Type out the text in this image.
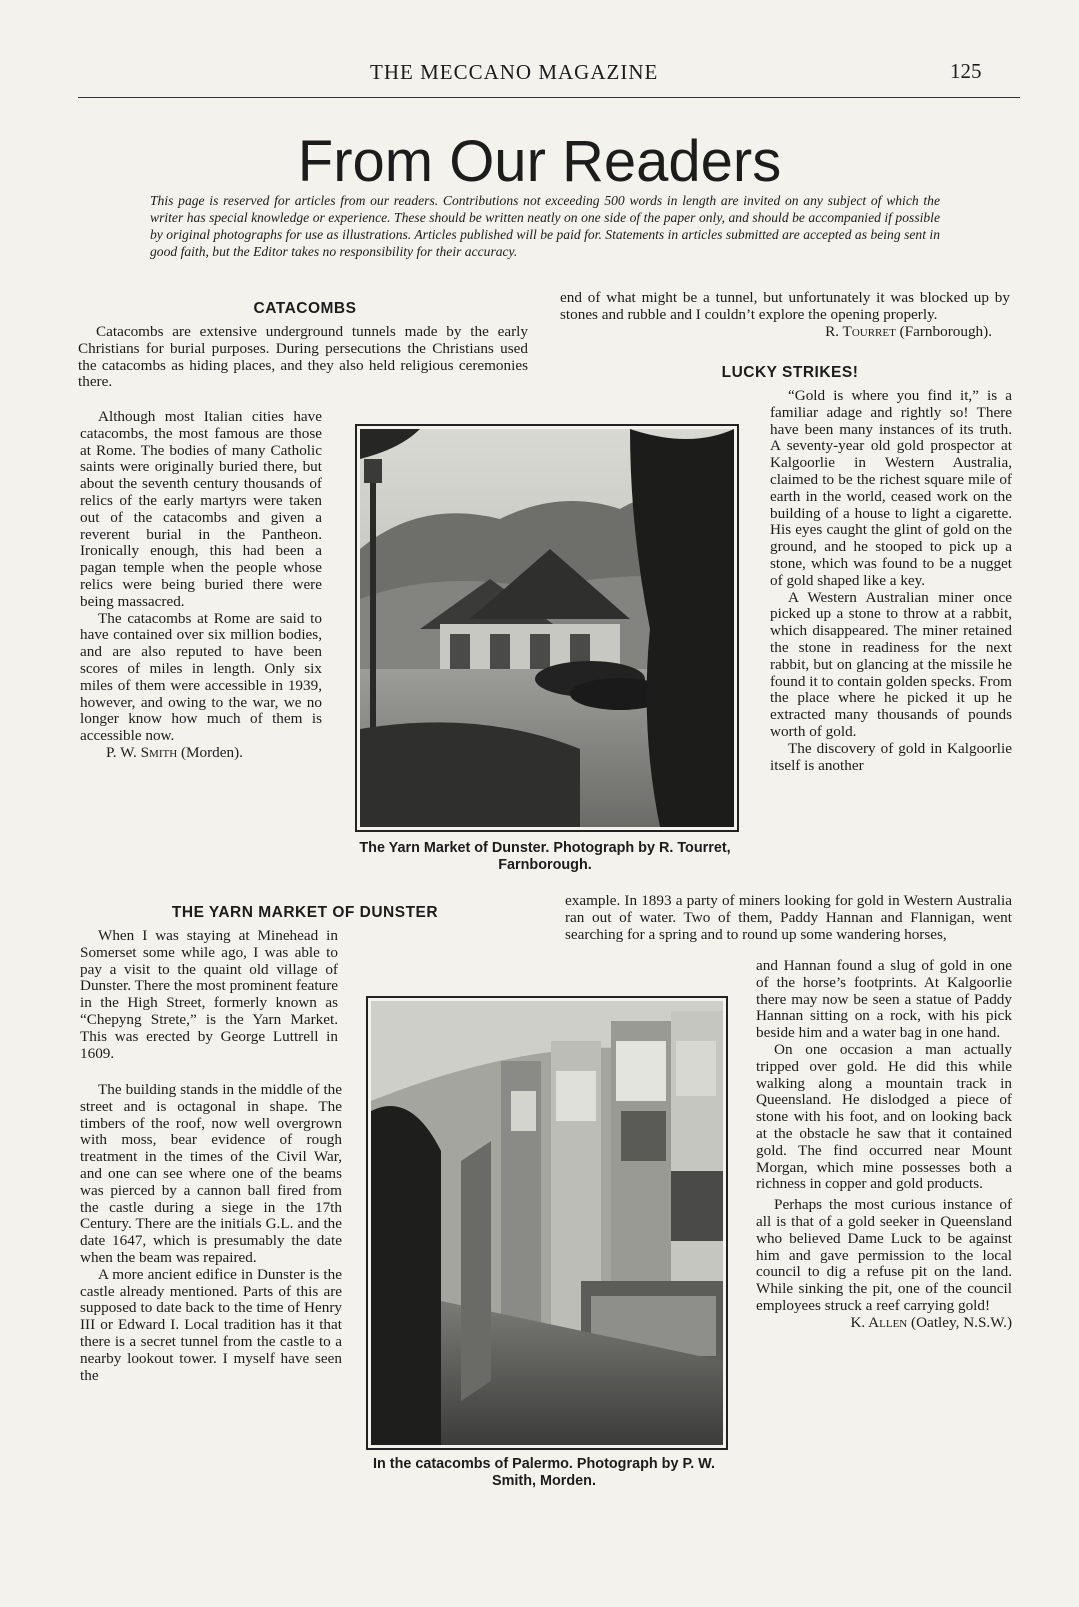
THE MECCANO MAGAZINE	125
From Our Readers
This page is reserved for articles from our readers. Contributions not exceeding 500 words in length are invited on any subject of which the writer has special knowledge or experience. These should be written neatly on one side of the paper only, and should be accompanied if possible by original photographs for use as illustrations. Articles published will be paid for. Statements in articles submitted are accepted as being sent in good faith, but the Editor takes no responsibility for their accuracy.
CATACOMBS

Catacombs are extensive underground tunnels made by the early Christians for burial purposes. During persecutions the Christians used the catacombs as hiding places, and they also held religious ceremonies there.

Although most Italian cities have catacombs, the most famous are those at Rome. The bodies of many Catholic saints were originally buried there, but about the seventh century thousands of relics of the early martyrs were taken out of the catacombs and given a reverent burial in the Pantheon. Ironically enough, this had been a pagan temple when the people whose relics were being buried there were being massacred.

The catacombs at Rome are said to have contained over six million bodies, and are also reputed to have been scores of miles in length. Only six miles of them were accessible in 1939, however, and owing to the war, we no longer know how much of them is accessible now.

P. W. Smith (Morden).

THE YARN MARKET OF DUNSTER

When I was staying at Minehead in Somerset some while ago, I was able to pay a visit to the quaint old village of Dunster. There the most prominent feature in the High Street, formerly known as “Chepyng Strete,” is the Yarn Market. This was erected by George Luttrell in 1609.

The building stands in the middle of the street and is octagonal in shape. The timbers of the roof, now well overgrown with moss, bear evidence of rough treatment in the times of the Civil War, and one can see where one of the beams was pierced by a cannon ball fired from the castle during a siege in the 17th Century. There are the initials G.L. and the date 1647, which is presumably the date when the beam was repaired.

A more ancient edifice in Dunster is the castle already mentioned. Parts of this are supposed to date back to the time of Henry III or Edward I. Local tradition has it that there is a secret tunnel from the castle to a nearby lookout tower. I myself have seen the

end of what might be a tunnel, but unfortunately it was blocked up by stones and rubble and I couldn’t explore the opening properly.

R. Tourret (Farnborough).

LUCKY STRIKES!

“Gold is where you find it,” is a familiar adage and rightly so! There have been many instances of its truth. A seventy-year old gold prospector at Kalgoorlie in Western Australia, claimed to be the richest square mile of earth in the world, ceased work on the building of a house to light a cigarette. His eyes caught the glint of gold on the ground, and he stooped to pick up a stone, which was found to be a nugget of gold shaped like a key.

A Western Australian miner once picked up a stone to throw at a rabbit, which disappeared. The miner retained the stone in readiness for the next rabbit, but on glancing at the missile he found it to contain golden specks. From the place where he picked it up he extracted many thousands of pounds worth of gold.

The discovery of gold in Kalgoorlie itself is another

example. In 1893 a party of miners looking for gold in Western Australia ran out of water. Two of them, Paddy Hannan and Flannigan, went searching for a spring and to round up some wandering horses,

and Hannan found a slug of gold in one of the horse’s footprints. At Kalgoorlie there may now be seen a statue of Paddy Hannan sitting on a rock, with his pick beside him and a water bag in one hand.

On one occasion a man actually tripped over gold. He did this while walking along a mountain track in Queensland. He dislodged a piece of stone with his foot, and on looking back at the obstacle he saw that it contained gold. The find occurred near Mount Morgan, which mine possesses both a richness in copper and gold products.

Perhaps the most curious instance of all is that of a gold seeker in Queensland who believed Dame Luck to be against him and gave permission to the local council to dig a refuse pit on the land. While sinking the pit, one of the council employees struck a reef carrying gold!

K. Allen (Oatley, N.S.W.)

The Yarn Market of Dunster. Photograph by R. Tourret, Farnborough.
In the catacombs of Palermo. Photograph by P. W. Smith, Morden.
